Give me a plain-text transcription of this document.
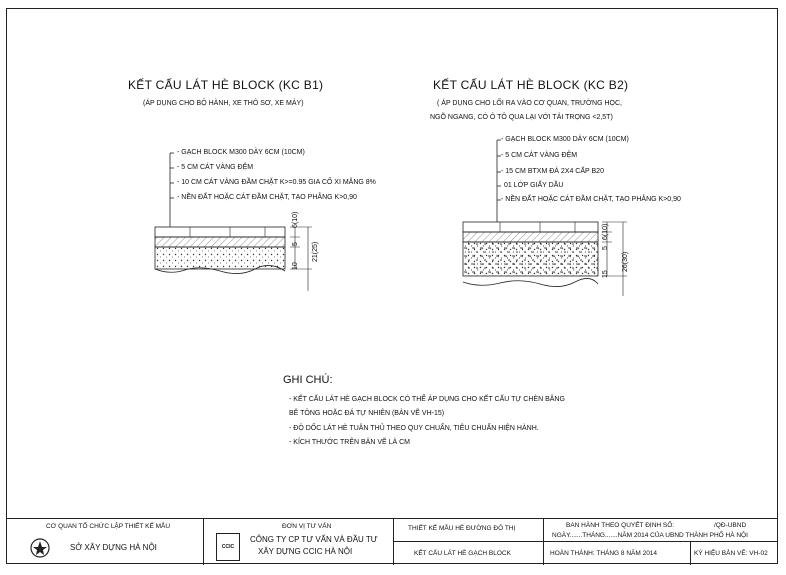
KẾT CẤU LÁT HÈ BLOCK (KC B1)
(ÁP DỤNG CHO BỘ HÀNH, XE THÔ SƠ, XE MÁY)
- GẠCH BLOCK M300 DÀY 6CM (10CM)
- 5 CM CÁT VÀNG ĐỆM
- 10 CM CÁT VÀNG ĐẦM CHẶT K>=0.95 GIA CỐ XI MĂNG 8%
- NỀN ĐẤT HOẶC CÁT ĐẦM CHẶT, TẠO PHẲNG K>0,90
6(10)
5
10
21(25)
KẾT CẤU LÁT HÈ BLOCK (KC B2)
( ÁP DỤNG CHO LỐI RA VÀO CƠ QUAN, TRƯỜNG HỌC,
NGÕ NGANG, CÓ Ô TÔ QUA LẠI VỚI TẢI TRỌNG <2,5T)
- GẠCH BLOCK M300 DÀY 6CM (10CM)
- 5 CM CÁT VÀNG ĐỆM
- 15 CM BTXM ĐÁ 2X4 CẤP B20
01 LỚP GIẤY DẦU
- NỀN ĐẤT HOẶC CÁT ĐẦM CHẶT, TẠO PHẲNG K>0,90
6(10)
5
15
26(30)
GHI CHÚ:
- KẾT CẤU LÁT HÈ GẠCH BLOCK CÓ THỂ ÁP DỤNG CHO KẾT CẤU TỰ CHÈN BẰNG
BÊ TÔNG HOẶC ĐÁ TỰ NHIÊN (BẢN VẼ VH-15)
- ĐỘ DỐC LÁT HÈ TUÂN THỦ THEO QUY CHUẨN, TIÊU CHUẨN HIỆN HÀNH.
- KÍCH THƯỚC TRÊN BẢN VẼ LÀ CM
CƠ QUAN TỔ CHỨC LẬP THIẾT KẾ MẪU
SỞ XÂY DỰNG HÀ NỘI
ĐƠN VỊ TƯ VẤN
CCIC
CÔNG TY CP TƯ VẤN VÀ ĐẦU TƯ
XÂY DỰNG CCIC HÀ NỘI
THIẾT KẾ MẪU HÈ ĐƯỜNG ĐÔ THỊ
KẾT CẤU LÁT HÈ GẠCH BLOCK
BAN HÀNH THEO QUYẾT ĐỊNH SỐ:	/QĐ-UBND
NGÀY.......THÁNG.......NĂM 2014 CỦA UBND THÀNH PHỐ HÀ NỘI
HOÀN THÀNH: THÁNG 8 NĂM 2014	KÝ HIỆU BẢN VẼ: VH-02
